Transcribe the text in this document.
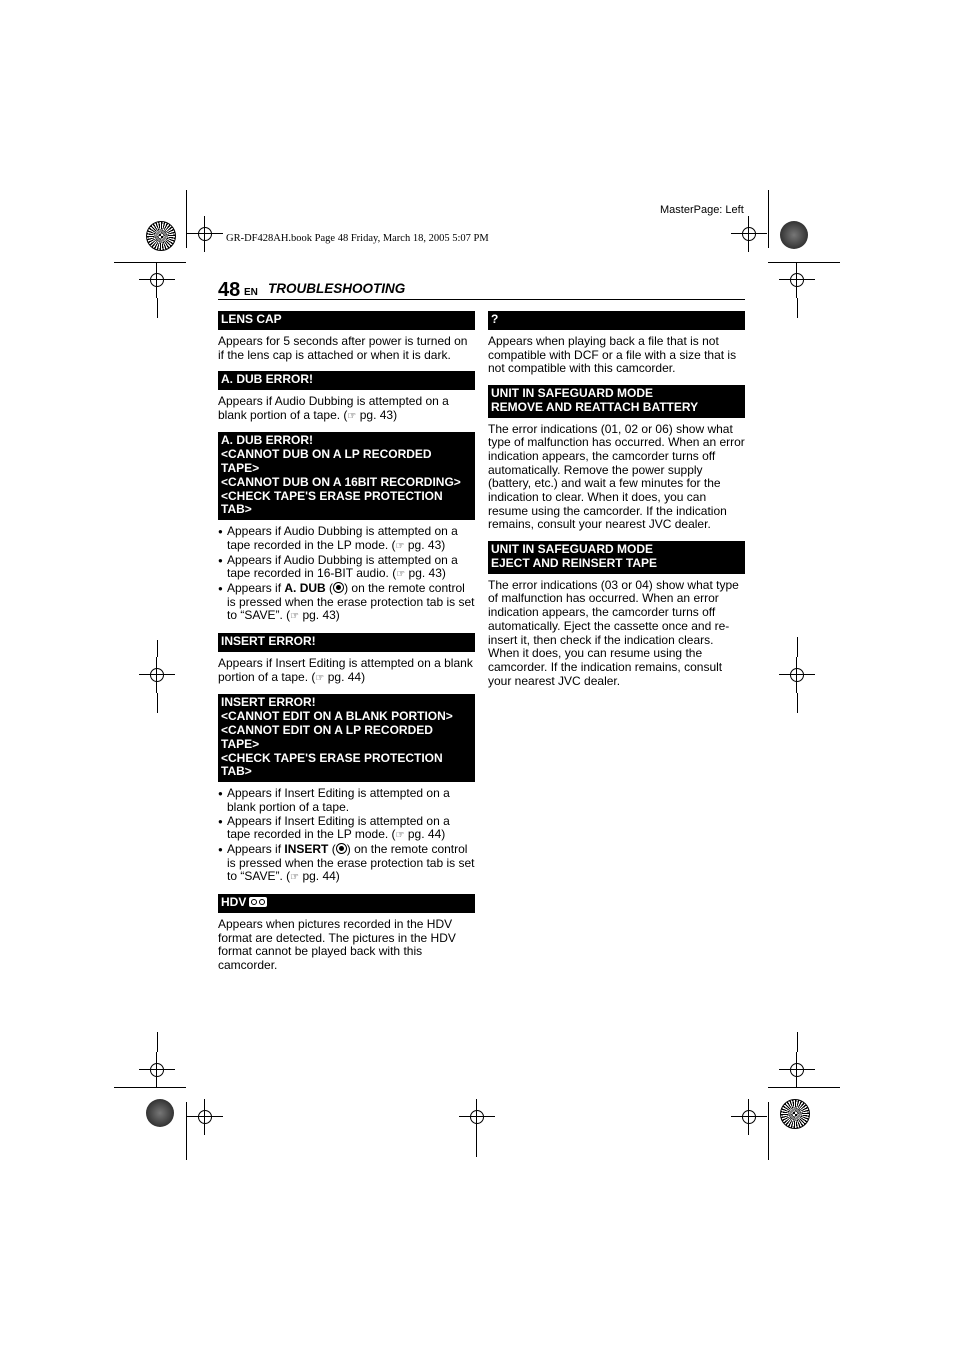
MasterPage: Left
GR-DF428AH.book Page 48 Friday, March 18, 2005 5:07 PM
48 EN TROUBLESHOOTING
LENS CAP

Appears for 5 seconds after power is turned on if the lens cap is attached or when it is dark.

A. DUB ERROR!

Appears if Audio Dubbing is attempted on a blank portion of a tape. (☞ pg. 43)

A. DUB ERROR!
<CANNOT DUB ON A LP RECORDED TAPE>
<CANNOT DUB ON A 16BIT RECORDING>
<CHECK TAPE'S ERASE PROTECTION TAB>
● Appears if Audio Dubbing is attempted on a tape recorded in the LP mode. (☞ pg. 43)
● Appears if Audio Dubbing is attempted on a tape recorded in 16-BIT audio. (☞ pg. 43)
● Appears if A. DUB ( ) on the remote control is pressed when the erase protection tab is set to “SAVE”. (☞ pg. 43)
INSERT ERROR!

Appears if Insert Editing is attempted on a blank portion of a tape. (☞ pg. 44)

INSERT ERROR!
<CANNOT EDIT ON A BLANK PORTION>
<CANNOT EDIT ON A LP RECORDED TAPE>
<CHECK TAPE'S ERASE PROTECTION TAB>
● Appears if Insert Editing is attempted on a blank portion of a tape.
● Appears if Insert Editing is attempted on a tape recorded in the LP mode. (☞ pg. 44)
● Appears if INSERT ( ) on the remote control is pressed when the erase protection tab is set to “SAVE”. (☞ pg. 44)
HDV

Appears when pictures recorded in the HDV format are detected. The pictures in the HDV format cannot be played back with this camcorder.

?

Appears when playing back a file that is not compatible with DCF or a file with a size that is not compatible with this camcorder.

UNIT IN SAFEGUARD MODE
REMOVE AND REATTACH BATTERY

The error indications (01, 02 or 06) show what type of malfunction has occurred. When an error indication appears, the camcorder turns off automatically. Remove the power supply (battery, etc.) and wait a few minutes for the indication to clear. When it does, you can resume using the camcorder. If the indication remains, consult your nearest JVC dealer.

UNIT IN SAFEGUARD MODE
EJECT AND REINSERT TAPE

The error indications (03 or 04) show what type of malfunction has occurred. When an error indication appears, the camcorder turns off automatically. Eject the cassette once and re-insert it, then check if the indication clears. When it does, you can resume using the camcorder. If the indication remains, consult your nearest JVC dealer.
